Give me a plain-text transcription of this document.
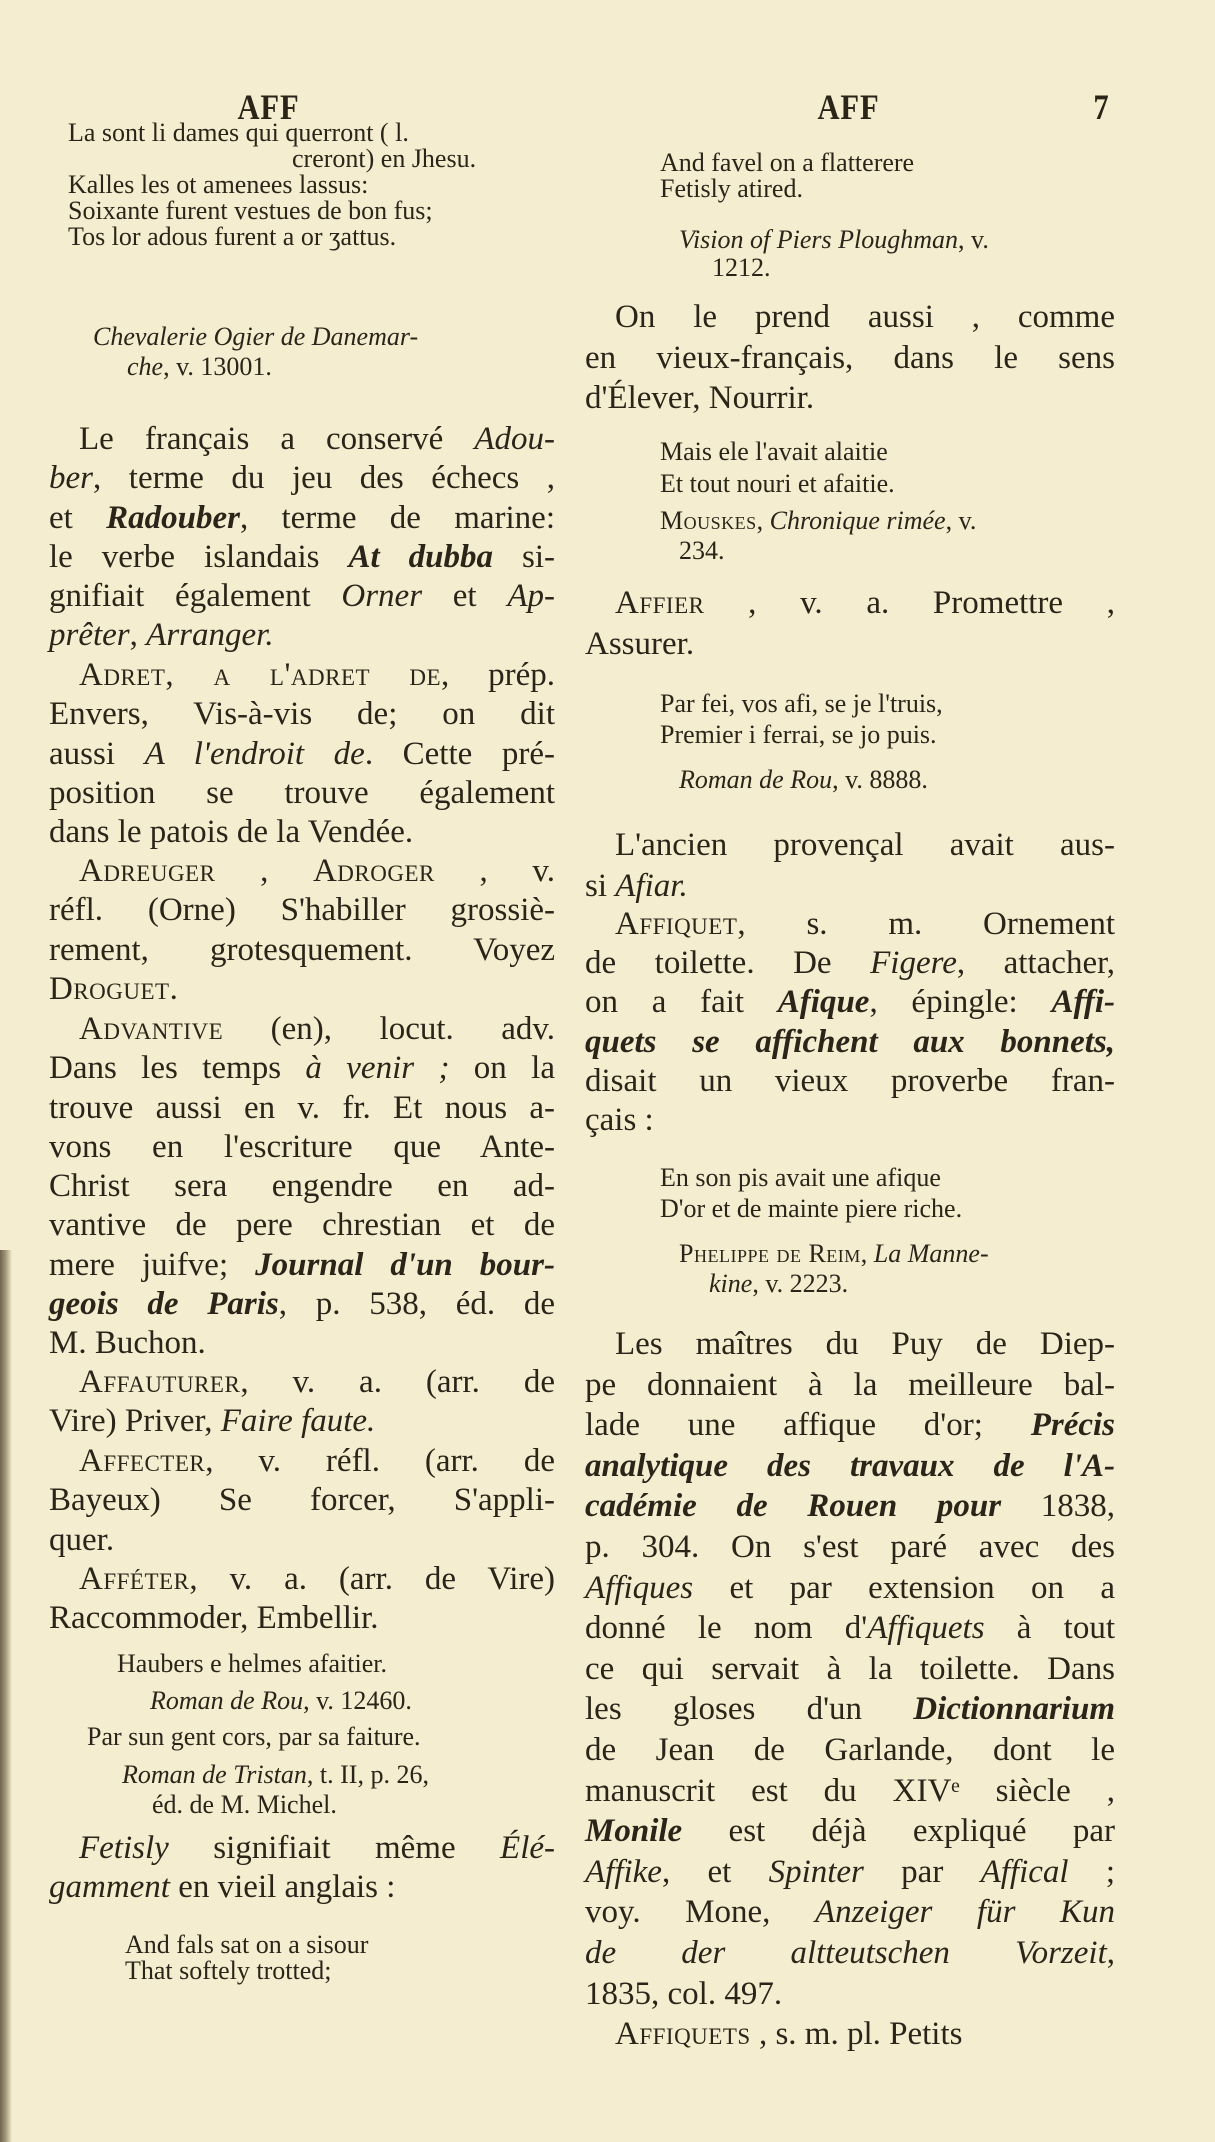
AFF	AFF	7
La sont li dames qui querront ( l.
creront) en Jhesu.
Kalles les ot amenees lassus:
Soixante furent vestues de bon fus;
Tos lor adous furent a or ʒattus.
Chevalerie Ogier de Danemar-
che, v. 13001.
Le français a conservé Adou-
ber, terme du jeu des échecs ,
et Radouber, terme de marine:
le verbe islandais At dubba si-
gnifiait également Orner et Ap-
prêter, Arranger.
Adret, a l'adret de, prép.
Envers, Vis-à-vis de; on dit
aussi A l'endroit de. Cette pré-
position se trouve également
dans le patois de la Vendée.
Adreuger , Adroger , v.
réfl. (Orne) S'habiller grossiè-
rement, grotesquement. Voyez
Droguet.
Advantive (en), locut. adv.
Dans les temps à venir ; on la
trouve aussi en v. fr. Et nous a-
vons en l'escriture que Ante-
Christ sera engendre en ad-
vantive de pere chrestian et de
mere juifve; Journal d'un bour-
geois de Paris, p. 538, éd. de
M. Buchon.
Affauturer, v. a. (arr. de
Vire) Priver, Faire faute.
Affecter, v. réfl. (arr. de
Bayeux) Se forcer, S'appli-
quer.
Afféter, v. a. (arr. de Vire)
Raccommoder, Embellir.
Haubers e helmes afaitier.
Roman de Rou, v. 12460.
Par sun gent cors, par sa faiture.
Roman de Tristan, t. II, p. 26,
éd. de M. Michel.
Fetisly signifiait même Élé-
gamment en vieil anglais :
And fals sat on a sisour
That softely trotted;
And favel on a flatterere
Fetisly atired.
Vision of Piers Ploughman, v.
1212.
On le prend aussi , comme
en vieux-français, dans le sens
d'Élever, Nourrir.
Mais ele l'avait alaitie
Et tout nouri et afaitie.
Mouskes, Chronique rimée, v.
234.
Affier , v. a. Promettre ,
Assurer.
Par fei, vos afi, se je l'truis,
Premier i ferrai, se jo puis.
Roman de Rou, v. 8888.
L'ancien provençal avait aus-
si Afiar.
Affiquet, s. m. Ornement
de toilette. De Figere, attacher,
on a fait Afique, épingle: Affi-
quets se affichent aux bonnets,
disait un vieux proverbe fran-
çais :
En son pis avait une afique
D'or et de mainte piere riche.
Phelippe de Reim, La Manne-
kine, v. 2223.
Les maîtres du Puy de Diep-
pe donnaient à la meilleure bal-
lade une affique d'or; Précis
analytique des travaux de l'A-
cadémie de Rouen pour 1838,
p. 304. On s'est paré avec des
Affiques et par extension on a
donné le nom d'Affiquets à tout
ce qui servait à la toilette. Dans
les gloses d'un Dictionnarium
de Jean de Garlande, dont le
manuscrit est du XIVᵉ siècle ,
Monile est déjà expliqué par
Affike, et Spinter par Affical ;
voy. Mone, Anzeiger für Kun
de der altteutschen Vorzeit,
1835, col. 497.
Affiquets , s. m. pl. Petits
